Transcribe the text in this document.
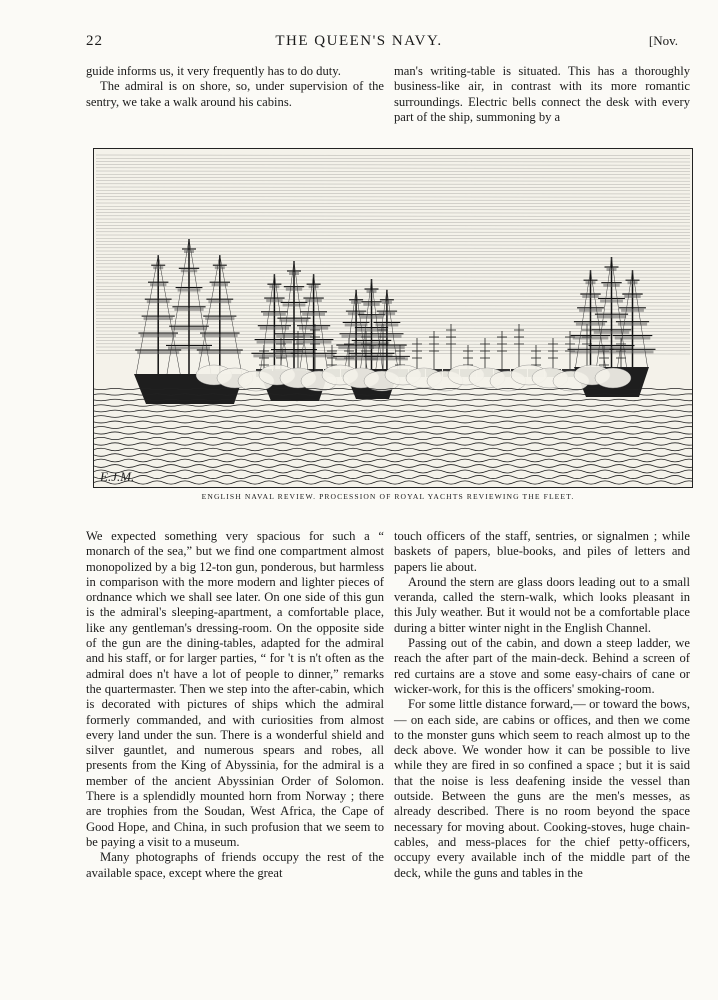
22	THE QUEEN'S NAVY.	[Nov.

guide informs us, it very frequently has to do duty.

The admiral is on shore, so, under supervision of the sentry, we take a walk around his cabins.

man's writing-table is situated. This has a thoroughly business-like air, in contrast with its more romantic surroundings. Electric bells connect the desk with every part of the ship, summoning by a

E.J.M.
ENGLISH NAVAL REVIEW. PROCESSION OF ROYAL YACHTS REVIEWING THE FLEET.

We expected something very spacious for such a “ monarch of the sea,” but we find one compartment almost monopolized by a big 12-ton gun, ponderous, but harmless in comparison with the more modern and lighter pieces of ordnance which we shall see later. On one side of this gun is the admiral's sleeping-apartment, a comfortable place, like any gentleman's dressing-room. On the opposite side of the gun are the dining-tables, adapted for the admiral and his staff, or for larger parties, “ for 't is n't often as the admiral does n't have a lot of people to dinner,” remarks the quartermaster. Then we step into the after-cabin, which is decorated with pictures of ships which the admiral formerly commanded, and with curiosities from almost every land under the sun. There is a wonderful shield and silver gauntlet, and numerous spears and robes, all presents from the King of Abyssinia, for the admiral is a member of the ancient Abyssinian Order of Solomon. There is a splendidly mounted horn from Norway ; there are trophies from the Soudan, West Africa, the Cape of Good Hope, and China, in such profusion that we seem to be paying a visit to a museum.

Many photographs of friends occupy the rest of the available space, except where the great

touch officers of the staff, sentries, or signalmen ; while baskets of papers, blue-books, and piles of letters and papers lie about.

Around the stern are glass doors leading out to a small veranda, called the stern-walk, which looks pleasant in this July weather. But it would not be a comfortable place during a bitter winter night in the English Channel.

Passing out of the cabin, and down a steep ladder, we reach the after part of the main-deck. Behind a screen of red curtains are a stove and some easy-chairs of cane or wicker-work, for this is the officers' smoking-room.

For some little distance forward,— or toward the bows,— on each side, are cabins or offices, and then we come to the monster guns which seem to reach almost up to the deck above. We wonder how it can be possible to live while they are fired in so confined a space ; but it is said that the noise is less deafening inside the vessel than outside. Between the guns are the men's messes, as already described. There is no room beyond the space necessary for moving about. Cooking-stoves, huge chain-cables, and mess-places for the chief petty-officers, occupy every available inch of the middle part of the deck, while the guns and tables in the
